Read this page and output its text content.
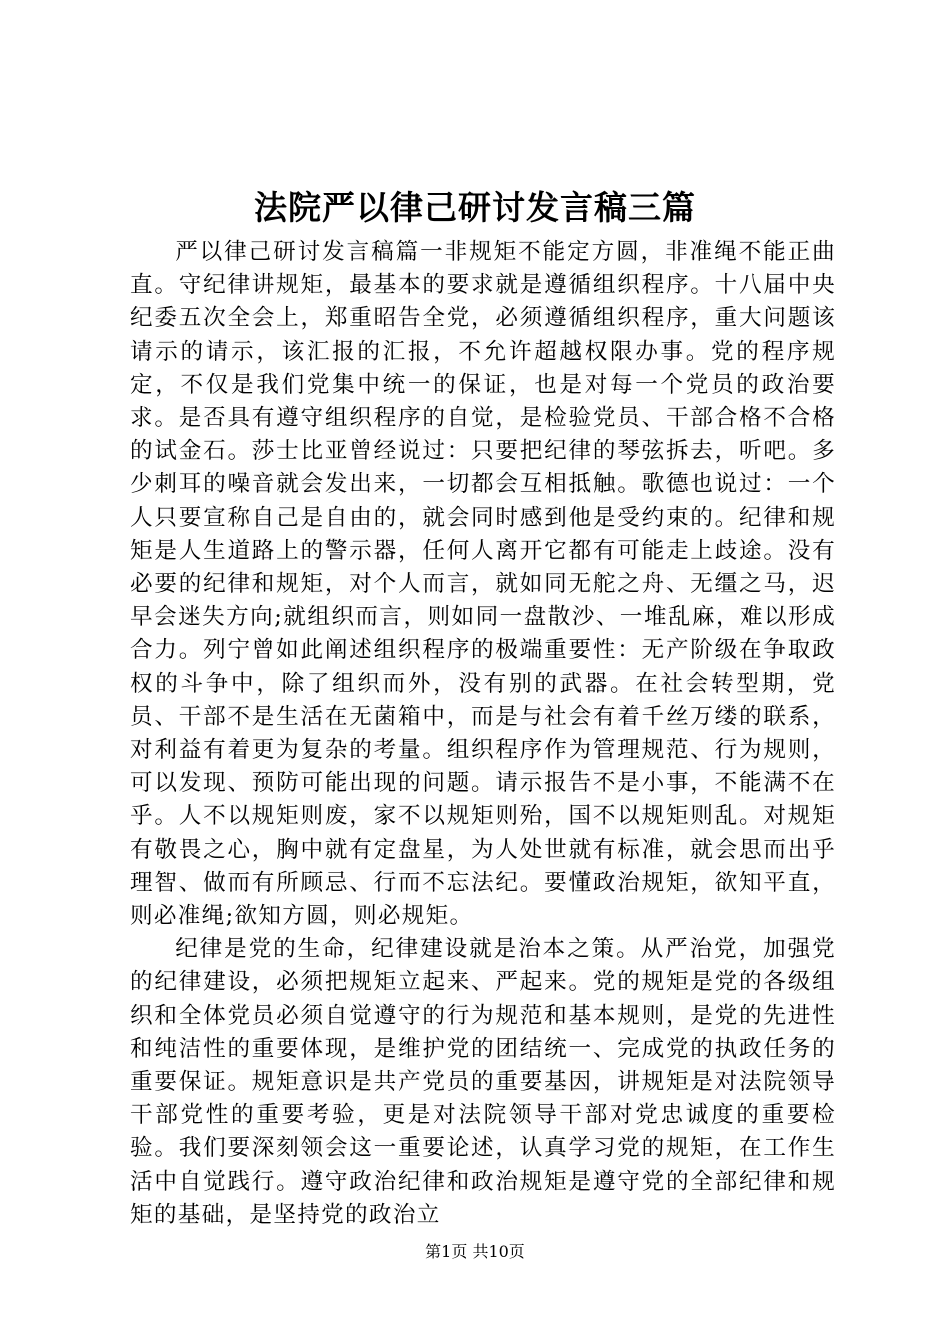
法院严以律己研讨发言稿三篇

严以律己研讨发言稿篇一非规矩不能定方圆，非准绳不能正曲直。守纪律讲规矩，最基本的要求就是遵循组织程序。十八届中央纪委五次全会上，郑重昭告全党，必须遵循组织程序，重大问题该请示的请示，该汇报的汇报，不允许超越权限办事。党的程序规定，不仅是我们党集中统一的保证，也是对每一个党员的政治要求。是否具有遵守组织程序的自觉，是检验党员、干部合格不合格的试金石。莎士比亚曾经说过：只要把纪律的琴弦拆去，听吧。多少刺耳的噪音就会发出来，一切都会互相抵触。歌德也说过：一个人只要宣称自己是自由的，就会同时感到他是受约束的。纪律和规矩是人生道路上的警示器，任何人离开它都有可能走上歧途。没有必要的纪律和规矩，对个人而言，就如同无舵之舟、无缰之马，迟早会迷失方向;就组织而言，则如同一盘散沙、一堆乱麻，难以形成合力。列宁曾如此阐述组织程序的极端重要性：无产阶级在争取政权的斗争中，除了组织而外，没有别的武器。在社会转型期，党员、干部不是生活在无菌箱中，而是与社会有着千丝万缕的联系，对利益有着更为复杂的考量。组织程序作为管理规范、行为规则，可以发现、预防可能出现的问题。请示报告不是小事，不能满不在乎。人不以规矩则废，家不以规矩则殆，国不以规矩则乱。对规矩有敬畏之心，胸中就有定盘星，为人处世就有标准，就会思而出乎理智、做而有所顾忌、行而不忘法纪。要懂政治规矩，欲知平直，则必准绳;欲知方圆，则必规矩。

纪律是党的生命，纪律建设就是治本之策。从严治党，加强党的纪律建设，必须把规矩立起来、严起来。党的规矩是党的各级组织和全体党员必须自觉遵守的行为规范和基本规则，是党的先进性和纯洁性的重要体现，是维护党的团结统一、完成党的执政任务的重要保证。规矩意识是共产党员的重要基因，讲规矩是对法院领导干部党性的重要考验，更是对法院领导干部对党忠诚度的重要检验。我们要深刻领会这一重要论述，认真学习党的规矩，在工作生活中自觉践行。遵守政治纪律和政治规矩是遵守党的全部纪律和规矩的基础，是坚持党的政治立

第1页 共10页
